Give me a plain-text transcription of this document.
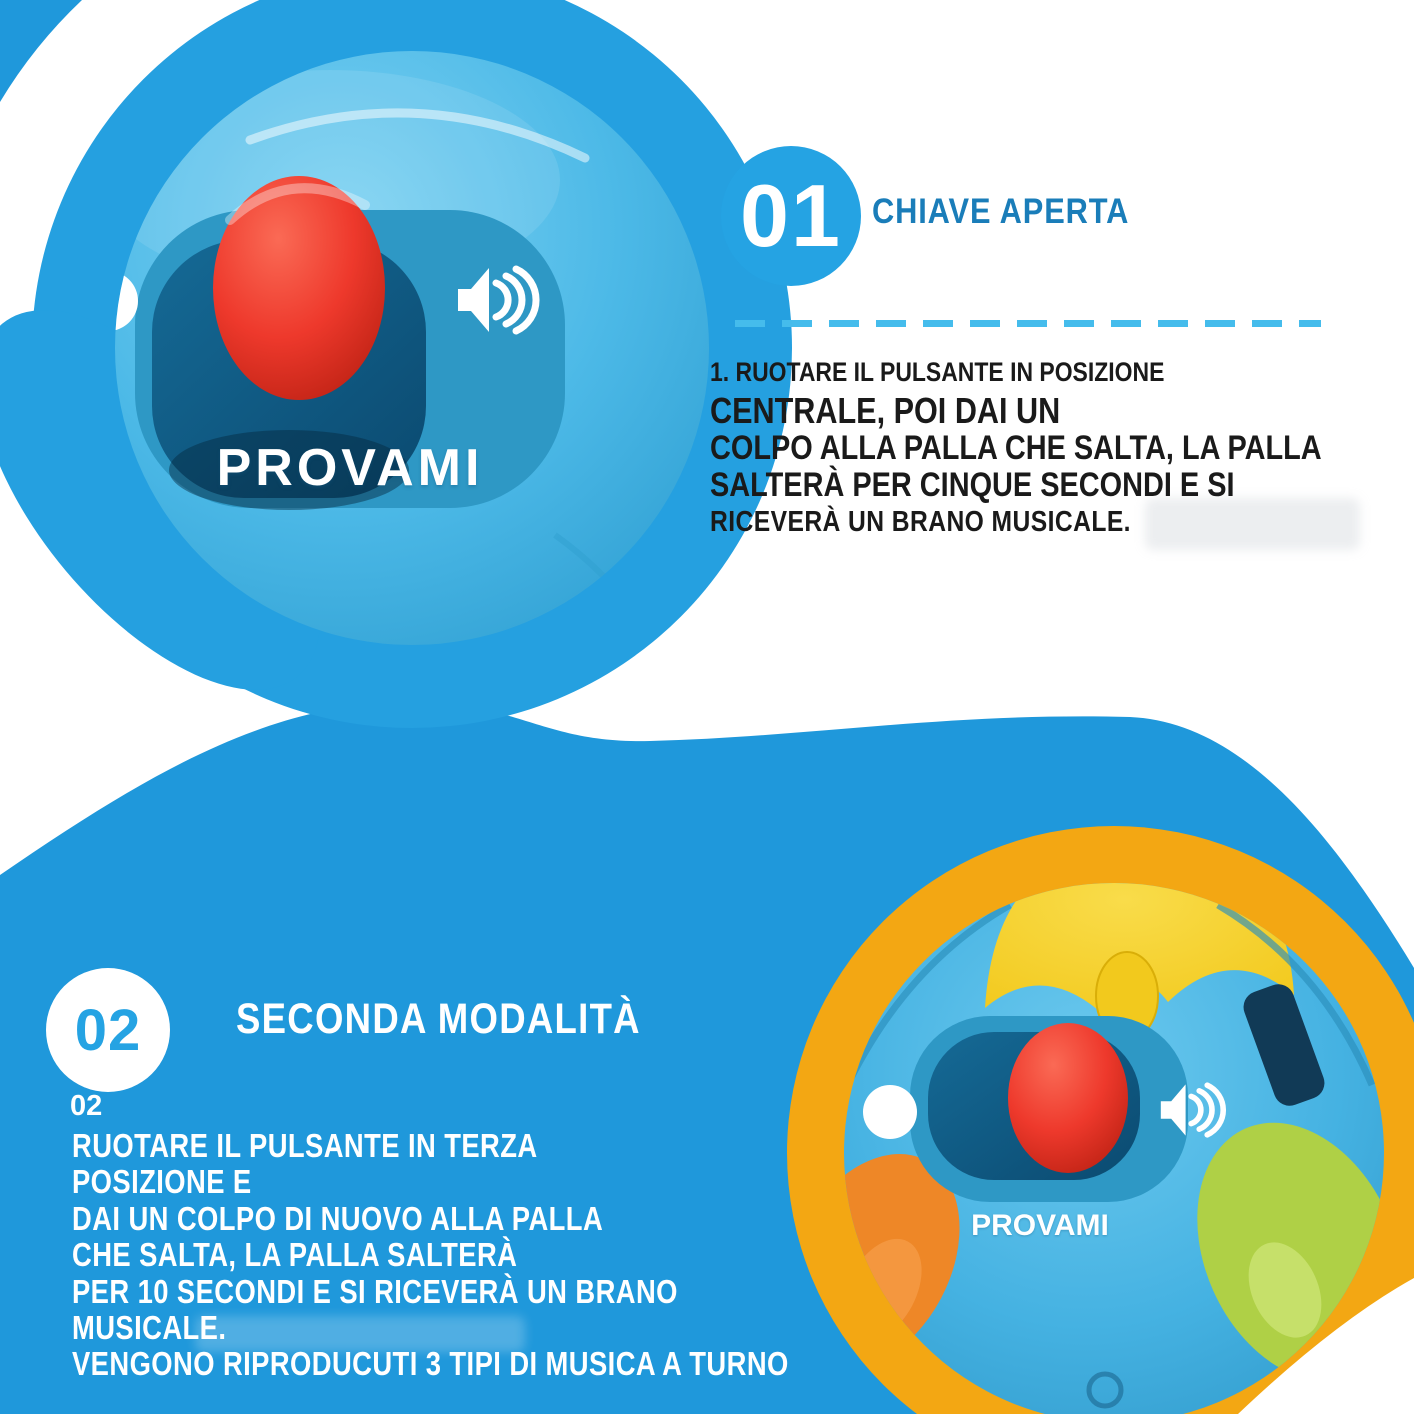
PROVAMI
PROVAMI
01 CHIAVE APERTA
1. RUOTARE IL PULSANTE IN POSIZIONE
CENTRALE, POI DAI UN
COLPO ALLA PALLA CHE SALTA, LA PALLA
SALTERÀ PER CINQUE SECONDI E SI
RICEVERÀ UN BRANO MUSICALE.
02	SECONDA MODALITÀ
02
RUOTARE IL PULSANTE IN TERZA
POSIZIONE E
DAI UN COLPO DI NUOVO ALLA PALLA
CHE SALTA, LA PALLA SALTERÀ
PER 10 SECONDI E SI RICEVERÀ UN BRANO
MUSICALE.
VENGONO RIPRODUCUTI 3 TIPI DI MUSICA A TURNO
